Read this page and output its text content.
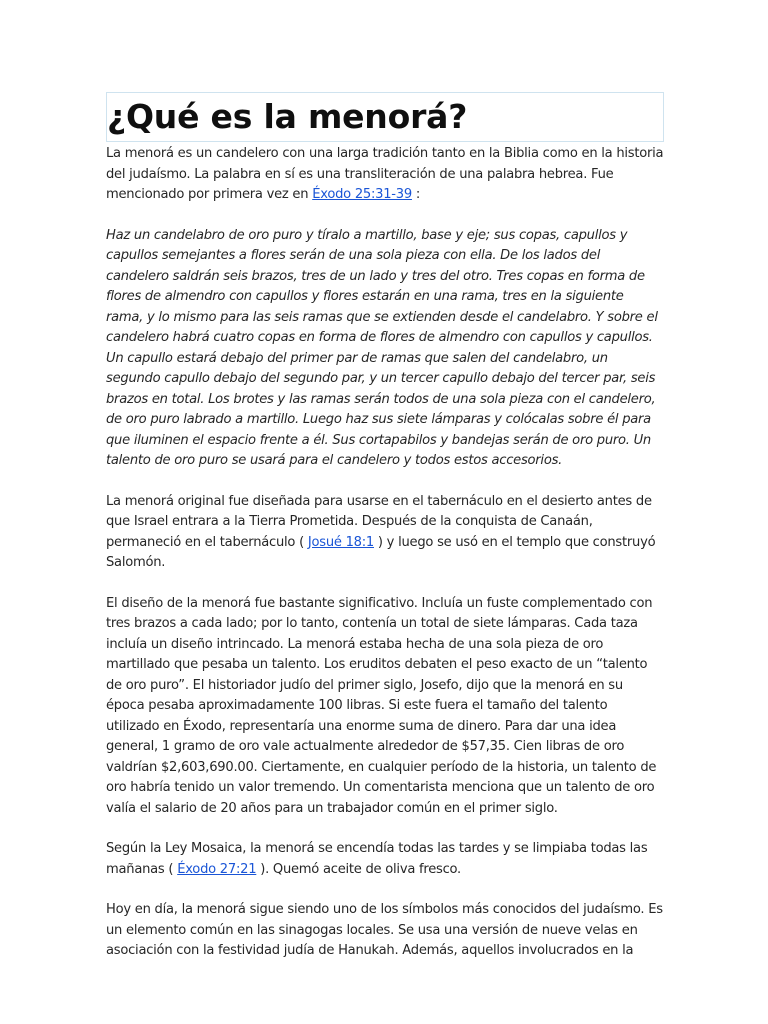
¿Qué es la menorá?

La menorá es un candelero con una larga tradición tanto en la Biblia como en la historia del judaísmo. La palabra en sí es una transliteración de una palabra hebrea. Fue mencionado por primera vez en Éxodo 25:31-39 :

Haz un candelabro de oro puro y tíralo a martillo, base y eje; sus copas, capullos y capullos semejantes a flores serán de una sola pieza con ella. De los lados del candelero saldrán seis brazos, tres de un lado y tres del otro. Tres copas en forma de flores de almendro con capullos y flores estarán en una rama, tres en la siguiente rama, y lo mismo para las seis ramas que se extienden desde el candelabro. Y sobre el candelero habrá cuatro copas en forma de flores de almendro con capullos y capullos. Un capullo estará debajo del primer par de ramas que salen del candelabro, un segundo capullo debajo del segundo par, y un tercer capullo debajo del tercer par, seis brazos en total. Los brotes y las ramas serán todos de una sola pieza con el candelero, de oro puro labrado a martillo. Luego haz sus siete lámparas y colócalas sobre él para que iluminen el espacio frente a él. Sus cortapabilos y bandejas serán de oro puro. Un talento de oro puro se usará para el candelero y todos estos accesorios.

La menorá original fue diseñada para usarse en el tabernáculo en el desierto antes de que Israel entrara a la Tierra Prometida. Después de la conquista de Canaán, permaneció en el tabernáculo ( Josué 18:1 ) y luego se usó en el templo que construyó Salomón.

El diseño de la menorá fue bastante significativo. Incluía un fuste complementado con tres brazos a cada lado; por lo tanto, contenía un total de siete lámparas. Cada taza incluía un diseño intrincado. La menorá estaba hecha de una sola pieza de oro martillado que pesaba un talento. Los eruditos debaten el peso exacto de un “talento de oro puro”. El historiador judío del primer siglo, Josefo, dijo que la menorá en su época pesaba aproximadamente 100 libras. Si este fuera el tamaño del talento utilizado en Éxodo, representaría una enorme suma de dinero. Para dar una idea general, 1 gramo de oro vale actualmente alrededor de $57,35. Cien libras de oro valdrían $2,603,690.00. Ciertamente, en cualquier período de la historia, un talento de oro habría tenido un valor tremendo. Un comentarista menciona que un talento de oro valía el salario de 20 años para un trabajador común en el primer siglo.

Según la Ley Mosaica, la menorá se encendía todas las tardes y se limpiaba todas las mañanas ( Éxodo 27:21 ). Quemó aceite de oliva fresco.

Hoy en día, la menorá sigue siendo uno de los símbolos más conocidos del judaísmo. Es un elemento común en las sinagogas locales. Se usa una versión de nueve velas en asociación con la festividad judía de Hanukah. Además, aquellos involucrados en la
